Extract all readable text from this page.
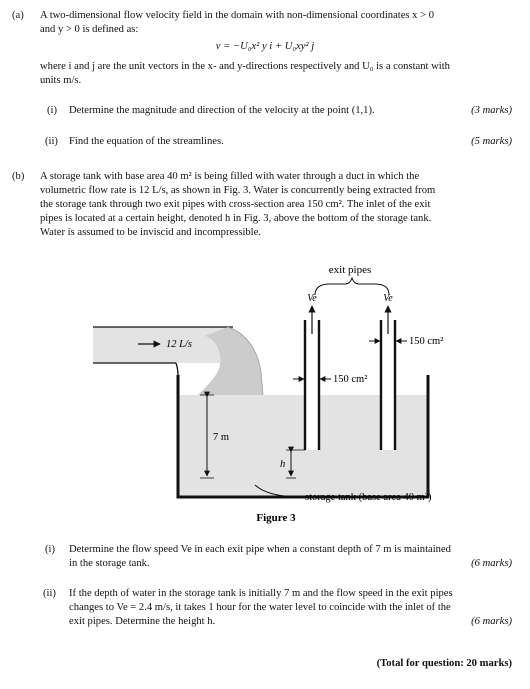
(a) A two-dimensional flow velocity field in the domain with non-dimensional coordinates x > 0
and y > 0 is defined as:
v = −U₀x² y i + U₀xy² j
where i and j are the unit vectors in the x- and y-directions respectively and U₀ is a constant with
units m/s.
(i) Determine the magnitude and direction of the velocity at the point (1,1).	(3 marks)
(ii) Find the equation of the streamlines.	(5 marks)
(b) A storage tank with base area 40 m² is being filled with water through a duct in which the
volumetric flow rate is 12 L/s, as shown in Fig. 3. Water is concurrently being extracted from
the storage tank through two exit pipes with cross-section area 150 cm². The inlet of the exit
pipes is located at a certain height, denoted h in Fig. 3, above the bottom of the storage tank.
Water is assumed to be inviscid and incompressible.
exit pipes
Ve	Ve
12 L/s	150 cm²
150 cm²
7 m
h
storage tank (base area 40 m²)
Figure 3
(i) Determine the flow speed Ve in each exit pipe when a constant depth of 7 m is maintained
in the storage tank.	(6 marks)
(ii) If the depth of water in the storage tank is initially 7 m and the flow speed in the exit pipes
changes to Ve = 2.4 m/s, it takes 1 hour for the water level to coincide with the inlet of the
exit pipes. Determine the height h.	(6 marks)
(Total for question: 20 marks)
